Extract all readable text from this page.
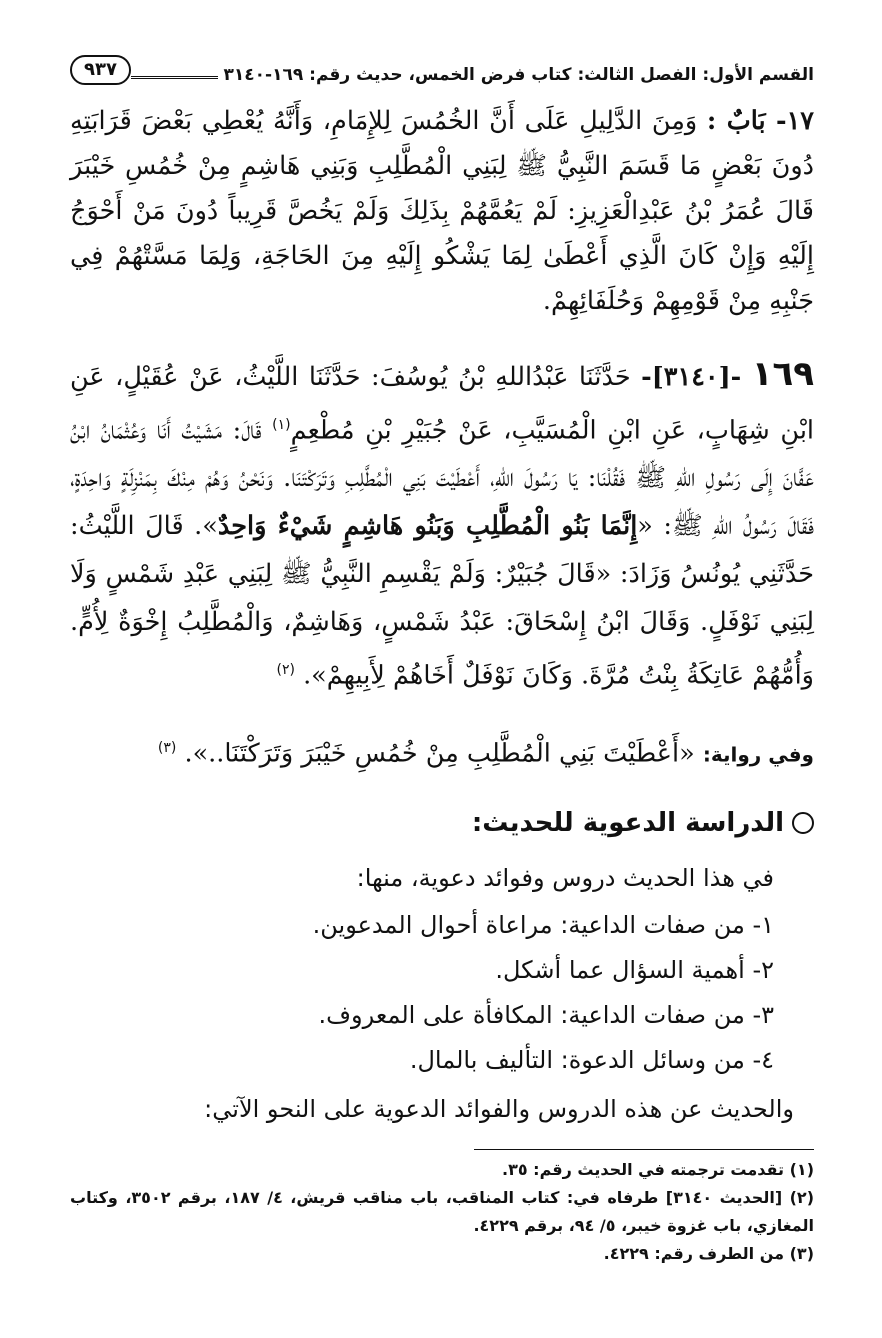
القسم الأول: الفصل الثالث: كتاب فرض الخمس، حديث رقم: ١٦٩-٣١٤٠
٩٣٧

١٧- بَابٌ : وَمِنَ الدَّلِيلِ عَلَى أَنَّ الخُمُسَ لِلإِمَامِ، وَأَنَّهُ يُعْطِي بَعْضَ قَرَابَتِهِ دُونَ بَعْضٍ مَا قَسَمَ النَّبِيُّ ﷺ لِبَنِي الْمُطَّلِبِ وَبَنِي هَاشِمٍ مِنْ خُمُسِ خَيْبَرَ قَالَ عُمَرُ بْنُ عَبْدِالْعَزِيزِ: لَمْ يَعُمَّهُمْ بِذَلِكَ وَلَمْ يَخُصَّ قَرِيباً دُونَ مَنْ أَحْوَجُ إِلَيْهِ وَإِنْ كَانَ الَّذِي أَعْطَىٰ لِمَا يَشْكُو إِلَيْهِ مِنَ الحَاجَةِ، وَلِمَا مَسَّتْهُمْ فِي جَنْبِهِ مِنْ قَوْمِهِمْ وَحُلَفَائِهِمْ.

١٦٩ -[٣١٤٠]- حَدَّثَنَا عَبْدُاللهِ بْنُ يُوسُفَ: حَدَّثَنَا اللَّيْثُ، عَنْ عُقَيْلٍ، عَنِ ابْنِ شِهَابٍ، عَنِ ابْنِ الْمُسَيَّبِ، عَنْ جُبَيْرِ بْنِ مُطْعِمٍ$^{(١)}$ قَالَ: مَشَيْتُ أَنَا وَعُثْمَانُ ابْنُ عَفَّانَ إِلَى رَسُولِ اللهِ ﷺ فَقُلْنَا: يَا رَسُولَ اللهِ، أَعْطَيْتَ بَنِي الْمُطَّلِبِ وَتَرَكْتَنَا. وَنَحْنُ وَهُمْ مِنْكَ بِمَنْزِلَةٍ وَاحِدَةٍ، فَقَالَ رَسُولُ اللهِ ﷺ: «إِنَّمَا بَنُو الْمُطَّلِبِ وَبَنُو هَاشِمٍ شَيْءٌ وَاحِدٌ». قَالَ اللَّيْثُ: حَدَّثَنِي يُونُسُ وَزَادَ: «قَالَ جُبَيْرٌ: وَلَمْ يَقْسِمِ النَّبِيُّ ﷺ لِبَنِي عَبْدِ شَمْسٍ وَلَا لِبَنِي نَوْفَلٍ. وَقَالَ ابْنُ إِسْحَاقَ: عَبْدُ شَمْسٍ، وَهَاشِمٌ، وَالْمُطَّلِبُ إِخْوَةٌ لِأُمٍّ. وَأُمُّهُمْ عَاتِكَةُ بِنْتُ مُرَّةَ. وَكَانَ نَوْفَلٌ أَخَاهُمْ لِأَبِيهِمْ». $^{(٢)}$

وفي رواية: «أَعْطَيْتَ بَنِي الْمُطَّلِبِ مِنْ خُمُسِ خَيْبَرَ وَتَرَكْتَنَا..». $^{(٣)}$

الدراسة الدعوية للحديث:
في هذا الحديث دروس وفوائد دعوية، منها:
١- من صفات الداعية: مراعاة أحوال المدعوين.
٢- أهمية السؤال عما أشكل.
٣- من صفات الداعية: المكافأة على المعروف.
٤- من وسائل الدعوة: التأليف بالمال.
والحديث عن هذه الدروس والفوائد الدعوية على النحو الآتي:
(١) تقدمت ترجمته في الحديث رقم: ٣٥.
(٢) [الحديث ٣١٤٠] طرفاه في: كتاب المناقب، باب مناقب قريش، ٤/ ١٨٧، برقم ٣٥٠٢، وكتاب المغازي، باب غزوة خيبر، ٥/ ٩٤، برقم ٤٢٢٩.
(٣) من الطرف رقم: ٤٢٢٩.
